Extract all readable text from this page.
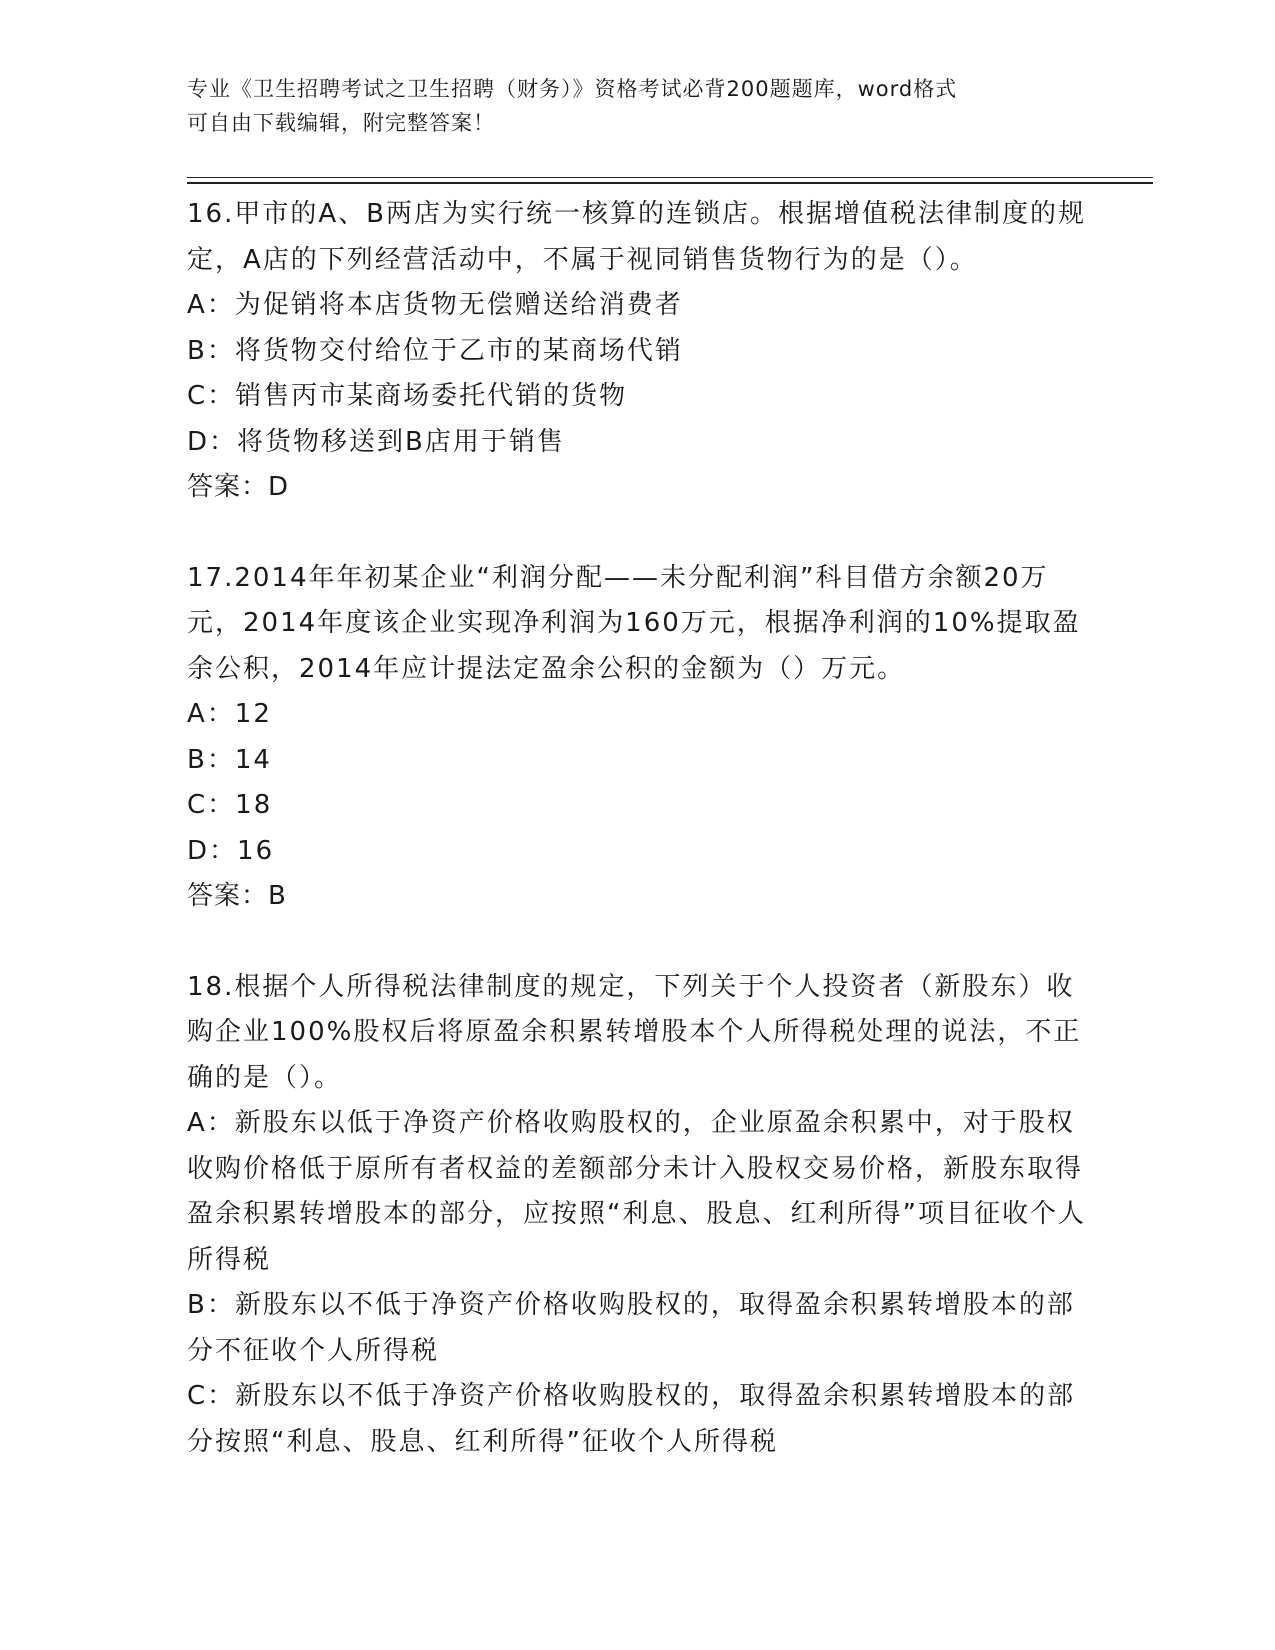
专业《卫生招聘考试之卫生招聘（财务）》资格考试必背200题题库，word格式
可自由下载编辑，附完整答案！

16.甲市的A、B两店为实行统一核算的连锁店。根据增值税法律制度的规定，A店的下列经营活动中，不属于视同销售货物行为的是（）。

A：为促销将本店货物无偿赠送给消费者

B：将货物交付给位于乙市的某商场代销

C：销售丙市某商场委托代销的货物

D：将货物移送到B店用于销售

答案：D

17.2014年年初某企业“利润分配——未分配利润”科目借方余额20万元，2014年度该企业实现净利润为160万元，根据净利润的10%提取盈余公积，2014年应计提法定盈余公积的金额为（）万元。

A：12

B：14

C：18

D：16

答案：B

18.根据个人所得税法律制度的规定，下列关于个人投资者（新股东）收购企业100%股权后将原盈余积累转增股本个人所得税处理的说法，不正确的是（）。

A：新股东以低于净资产价格收购股权的，企业原盈余积累中，对于股权收购价格低于原所有者权益的差额部分未计入股权交易价格，新股东取得盈余积累转增股本的部分，应按照“利息、股息、红利所得”项目征收个人所得税

B：新股东以不低于净资产价格收购股权的，取得盈余积累转增股本的部分不征收个人所得税

C：新股东以不低于净资产价格收购股权的，取得盈余积累转增股本的部分按照“利息、股息、红利所得”征收个人所得税
